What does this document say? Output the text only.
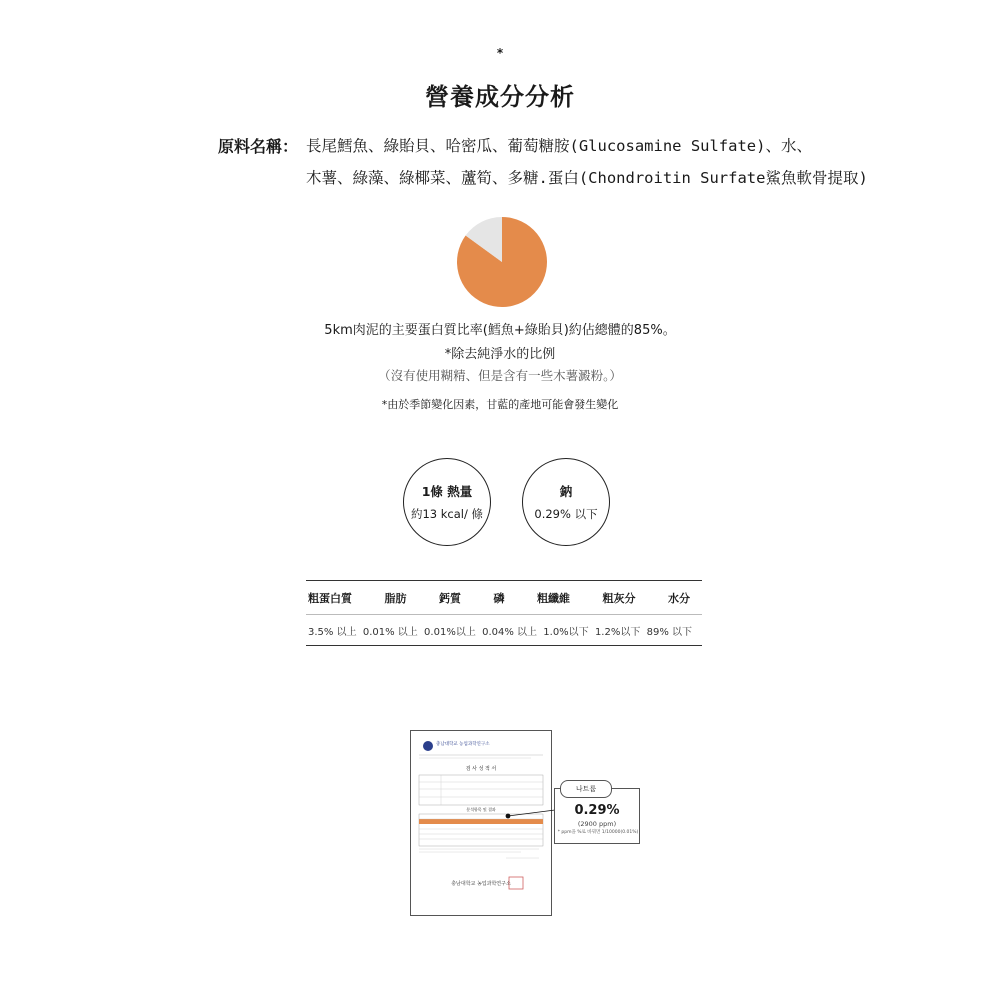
*
營養成分分析
原料名稱： 長尾鱈魚、綠貽貝、哈密瓜、葡萄糖胺(Glucosamine Sulfate)、水、
木薯、綠藻、綠椰菜、蘆筍、多糖.蛋白(Chondroitin Surfate鯊魚軟骨提取)
5km肉泥的主要蛋白質比率(鱈魚+綠貽貝)約佔總體的85%。
*除去純淨水的比例
（沒有使用糊精、但是含有一些木薯澱粉。）
*由於季節變化因素，甘藍的產地可能會發生變化
1條 熱量
約13 kcal/ 條
鈉
0.29% 以下
粗蛋白質	脂肪	鈣質	磷	粗纖維	粗灰分	水分
3.5% 以上 0.01% 以上 0.01%以上 0.04% 以上 1.0%以下 1.2%以下 89% 以下
충남대학교 농업과학연구소
검 사 성 적 서
분석항목 및 결과
충남대학교 농업과학연구소
0.29%
(2900 ppm)
나트륨
* ppm을 %로 바꿔면 1/10000(0.01%)
